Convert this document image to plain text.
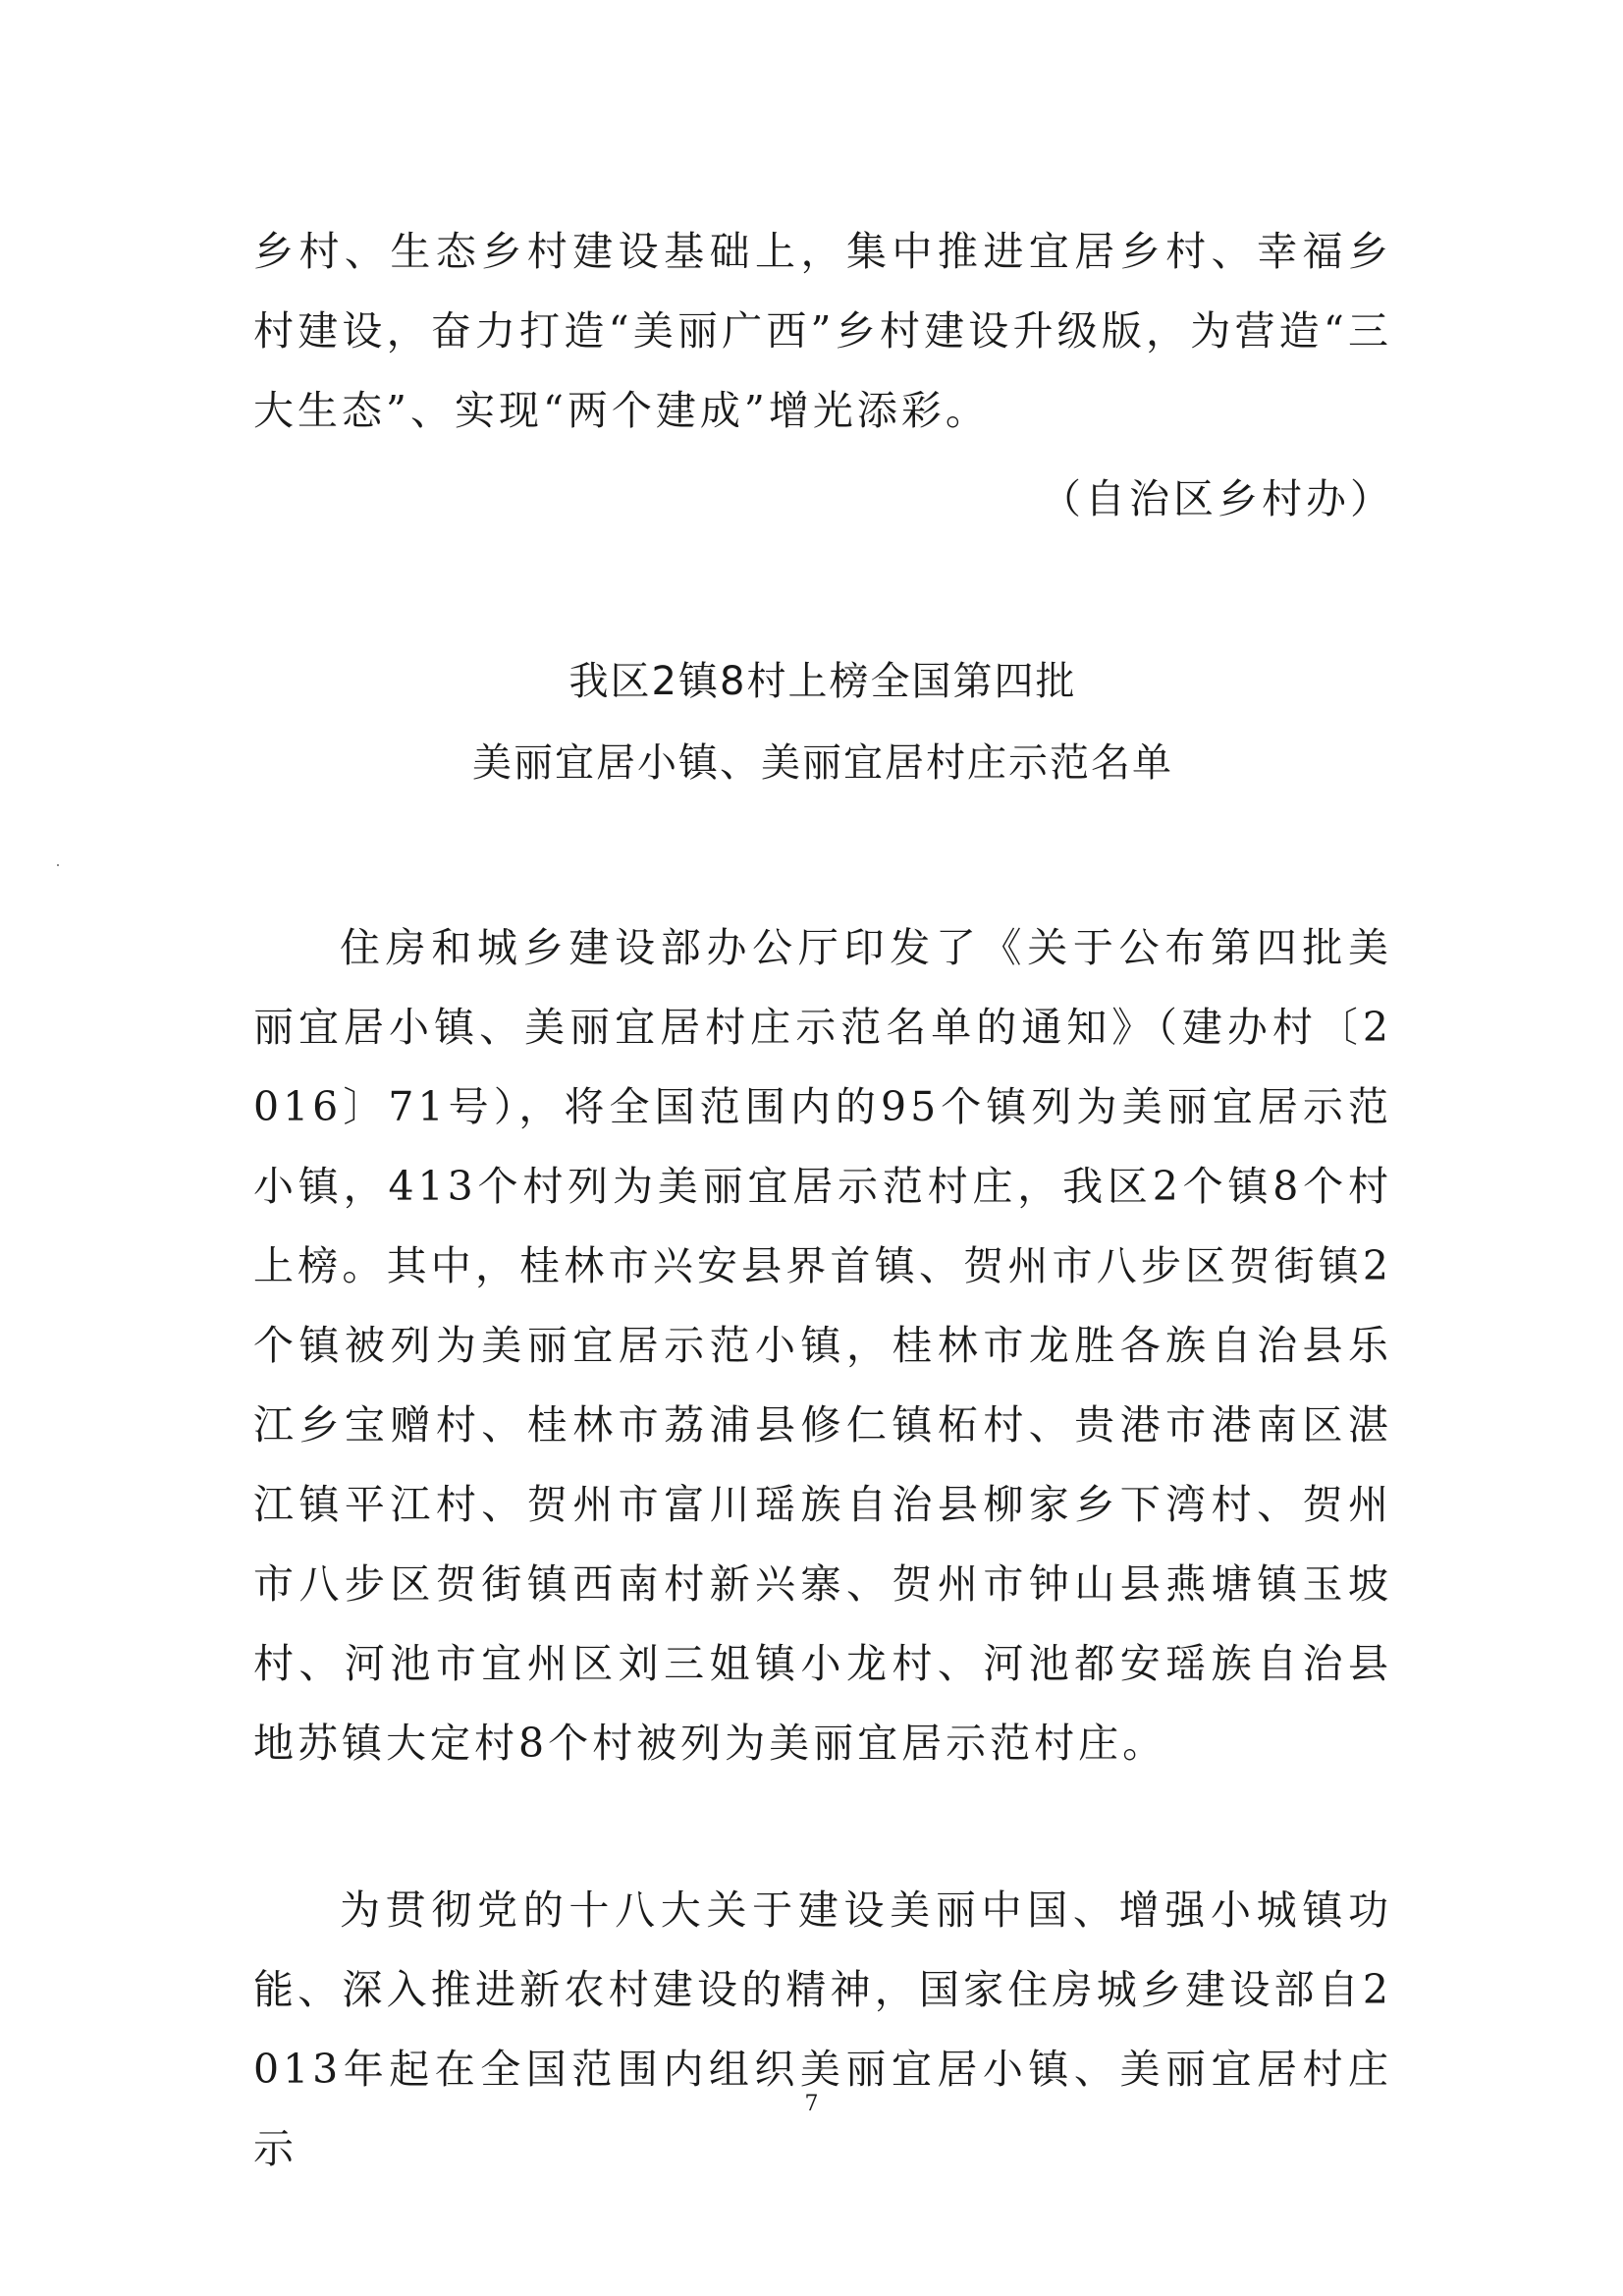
乡村、生态乡村建设基础上，集中推进宜居乡村、幸福乡村建设，奋力打造“美丽广西”乡村建设升级版，为营造“三大生态”、实现“两个建成”增光添彩。

（自治区乡村办）

我区2镇8村上榜全国第四批
美丽宜居小镇、美丽宜居村庄示范名单

住房和城乡建设部办公厅印发了《关于公布第四批美丽宜居小镇、美丽宜居村庄示范名单的通知》（建办村〔2016〕71号），将全国范围内的95个镇列为美丽宜居示范小镇，413个村列为美丽宜居示范村庄，我区2个镇8个村上榜。其中，桂林市兴安县界首镇、贺州市八步区贺街镇2个镇被列为美丽宜居示范小镇，桂林市龙胜各族自治县乐江乡宝赠村、桂林市荔浦县修仁镇柘村、贵港市港南区湛江镇平江村、贺州市富川瑶族自治县柳家乡下湾村、贺州市八步区贺街镇西南村新兴寨、贺州市钟山县燕塘镇玉坡村、河池市宜州区刘三姐镇小龙村、河池都安瑶族自治县地苏镇大定村8个村被列为美丽宜居示范村庄。

为贯彻党的十八大关于建设美丽中国、增强小城镇功能、深入推进新农村建设的精神，国家住房城乡建设部自2013年起在全国范围内组织美丽宜居小镇、美丽宜居村庄示

7
